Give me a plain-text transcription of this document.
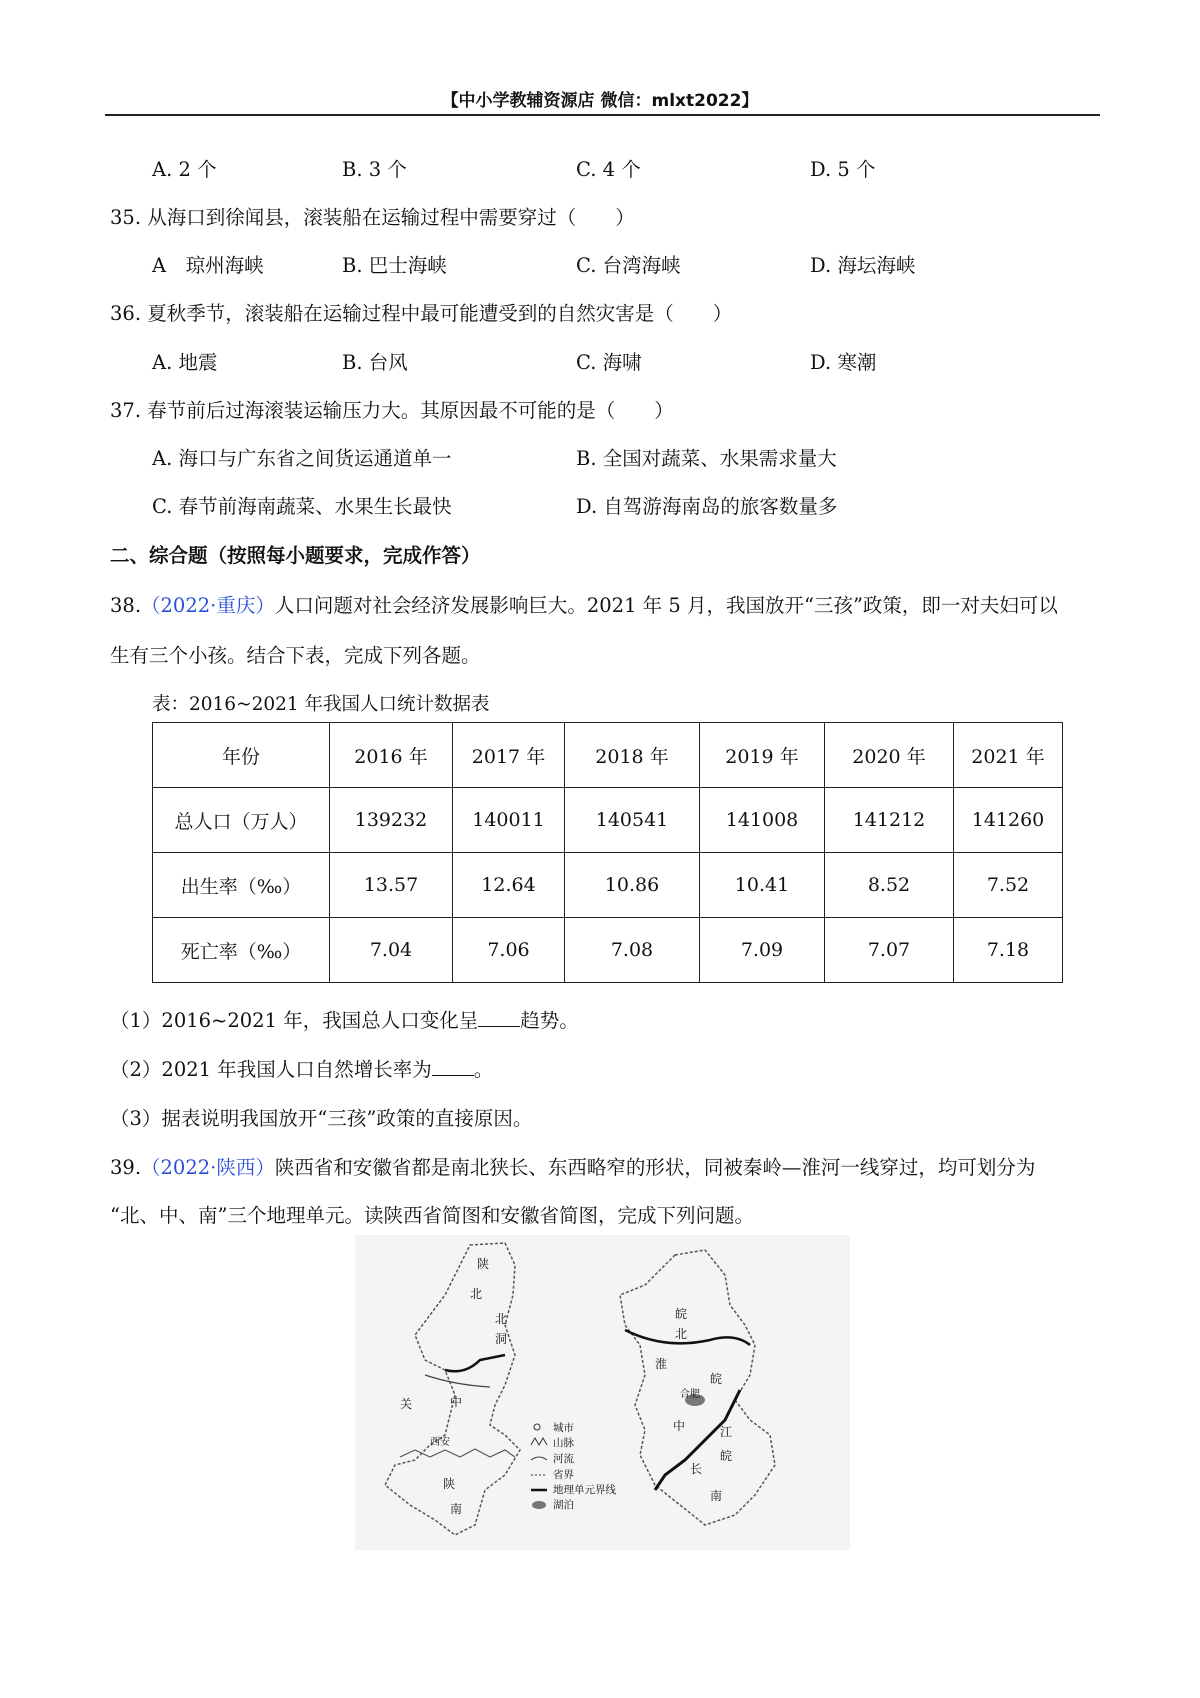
【中小学教辅资源店 微信：mlxt2022】
A. 2 个	B. 3 个	C. 4 个	D. 5 个
35. 从海口到徐闻县，滚装船在运输过程中需要穿过（　　）
A　琼州海峡	B. 巴士海峡	C. 台湾海峡	D. 海坛海峡
36. 夏秋季节，滚装船在运输过程中最可能遭受到的自然灾害是（　　）
A. 地震	B. 台风	C. 海啸	D. 寒潮
37. 春节前后过海滚装运输压力大。其原因最不可能的是（　　）
A. 海口与广东省之间货运通道单一	B. 全国对蔬菜、水果需求量大
C. 春节前海南蔬菜、水果生长最快	D. 自驾游海南岛的旅客数量多
二、综合题（按照每小题要求，完成作答）
38.（2022·重庆）人口问题对社会经济发展影响巨大。2021 年 5 月，我国放开“三孩”政策，即一对夫妇可以
生有三个小孩。结合下表，完成下列各题。
表：2016~2021 年我国人口统计数据表
年份	2016 年	2017 年	2018 年	2019 年	2020 年	2021 年
总人口（万人）	139232	140011	140541	141008	141212	141260
出生率（‰）	13.57	12.64	10.86	10.41	8.52	7.52
死亡率（‰）	7.04	7.06	7.08	7.09	7.07	7.18
（1）2016~2021 年，我国总人口变化呈 趋势。
（2）2021 年我国人口自然增长率为 。
（3）据表说明我国放开“三孩”政策的直接原因。
39.（2022·陕西）陕西省和安徽省都是南北狭长、东西略窄的形状，同被秦岭—淮河一线穿过，均可划分为
“北、中、南”三个地理单元。读陕西省简图和安徽省简图，完成下列问题。
陕
北
关	中
西安
陕
南
北
洞
皖
北
淮
皖
合肥
中	江
皖
长
南
城市
山脉
河流
省界
地理单元界线
湖泊
